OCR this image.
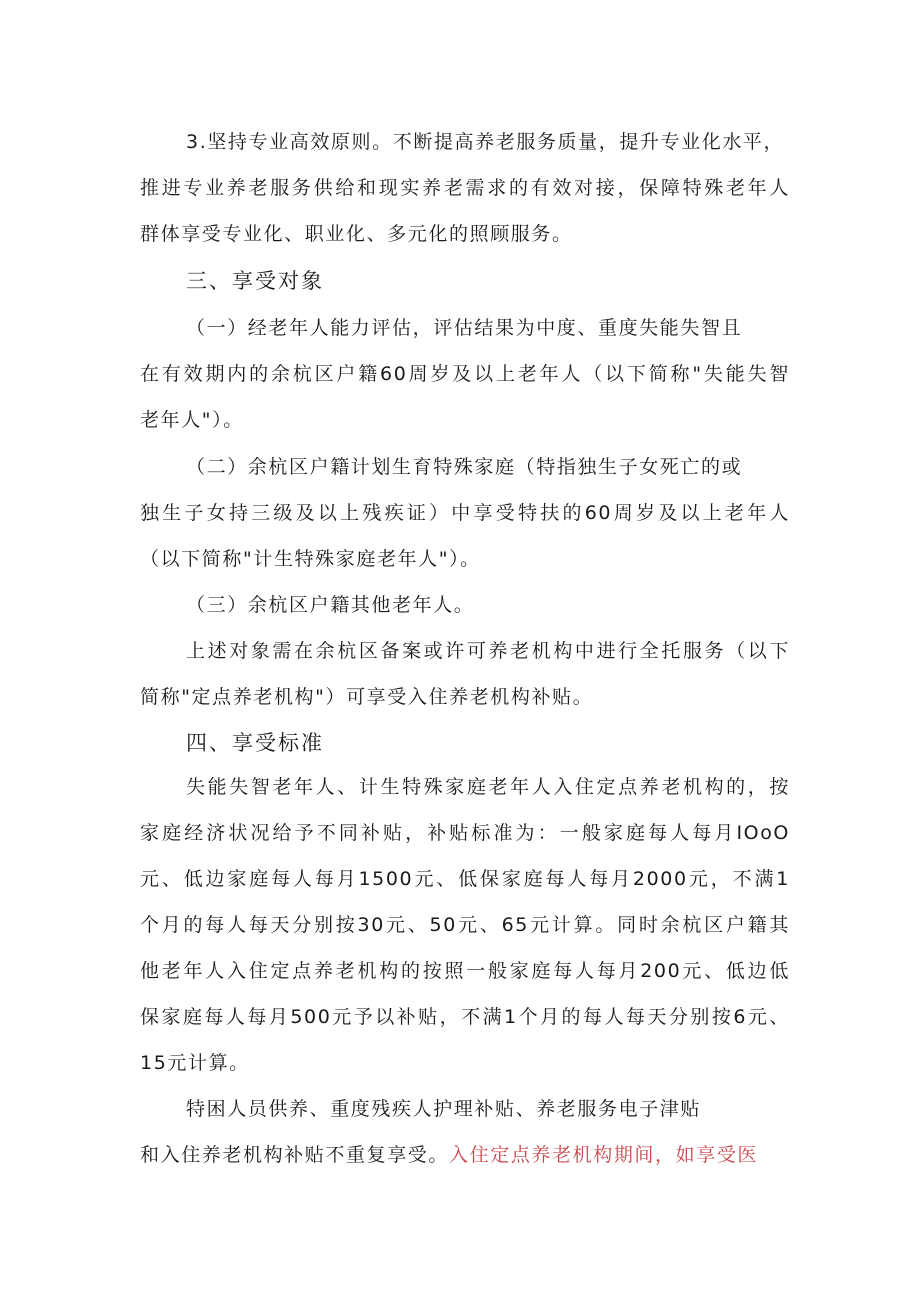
3.坚持专业高效原则。不断提高养老服务质量，提升专业化水平，
推进专业养老服务供给和现实养老需求的有效对接，保障特殊老年人
群体享受专业化、职业化、多元化的照顾服务。
三、享受对象
（一）经老年人能力评估，评估结果为中度、重度失能失智且
在有效期内的余杭区户籍60周岁及以上老年人（以下简称"失能失智
老年人"）。
（二）余杭区户籍计划生育特殊家庭（特指独生子女死亡的或
独生子女持三级及以上残疾证）中享受特扶的60周岁及以上老年人
（以下简称"计生特殊家庭老年人"）。
（三）余杭区户籍其他老年人。
上述对象需在余杭区备案或许可养老机构中进行全托服务（以下
简称"定点养老机构"）可享受入住养老机构补贴。
四、享受标准
失能失智老年人、计生特殊家庭老年人入住定点养老机构的，按
家庭经济状况给予不同补贴，补贴标准为：一般家庭每人每月IOoO
元、低边家庭每人每月1500元、低保家庭每人每月2000元，不满1
个月的每人每天分别按30元、50元、65元计算。同时余杭区户籍其
他老年人入住定点养老机构的按照一般家庭每人每月200元、低边低
保家庭每人每月500元予以补贴，不满1个月的每人每天分别按6元、
15元计算。
特困人员供养、重度残疾人护理补贴、养老服务电子津贴
和入住养老机构补贴不重复享受。入住定点养老机构期间，如享受医
